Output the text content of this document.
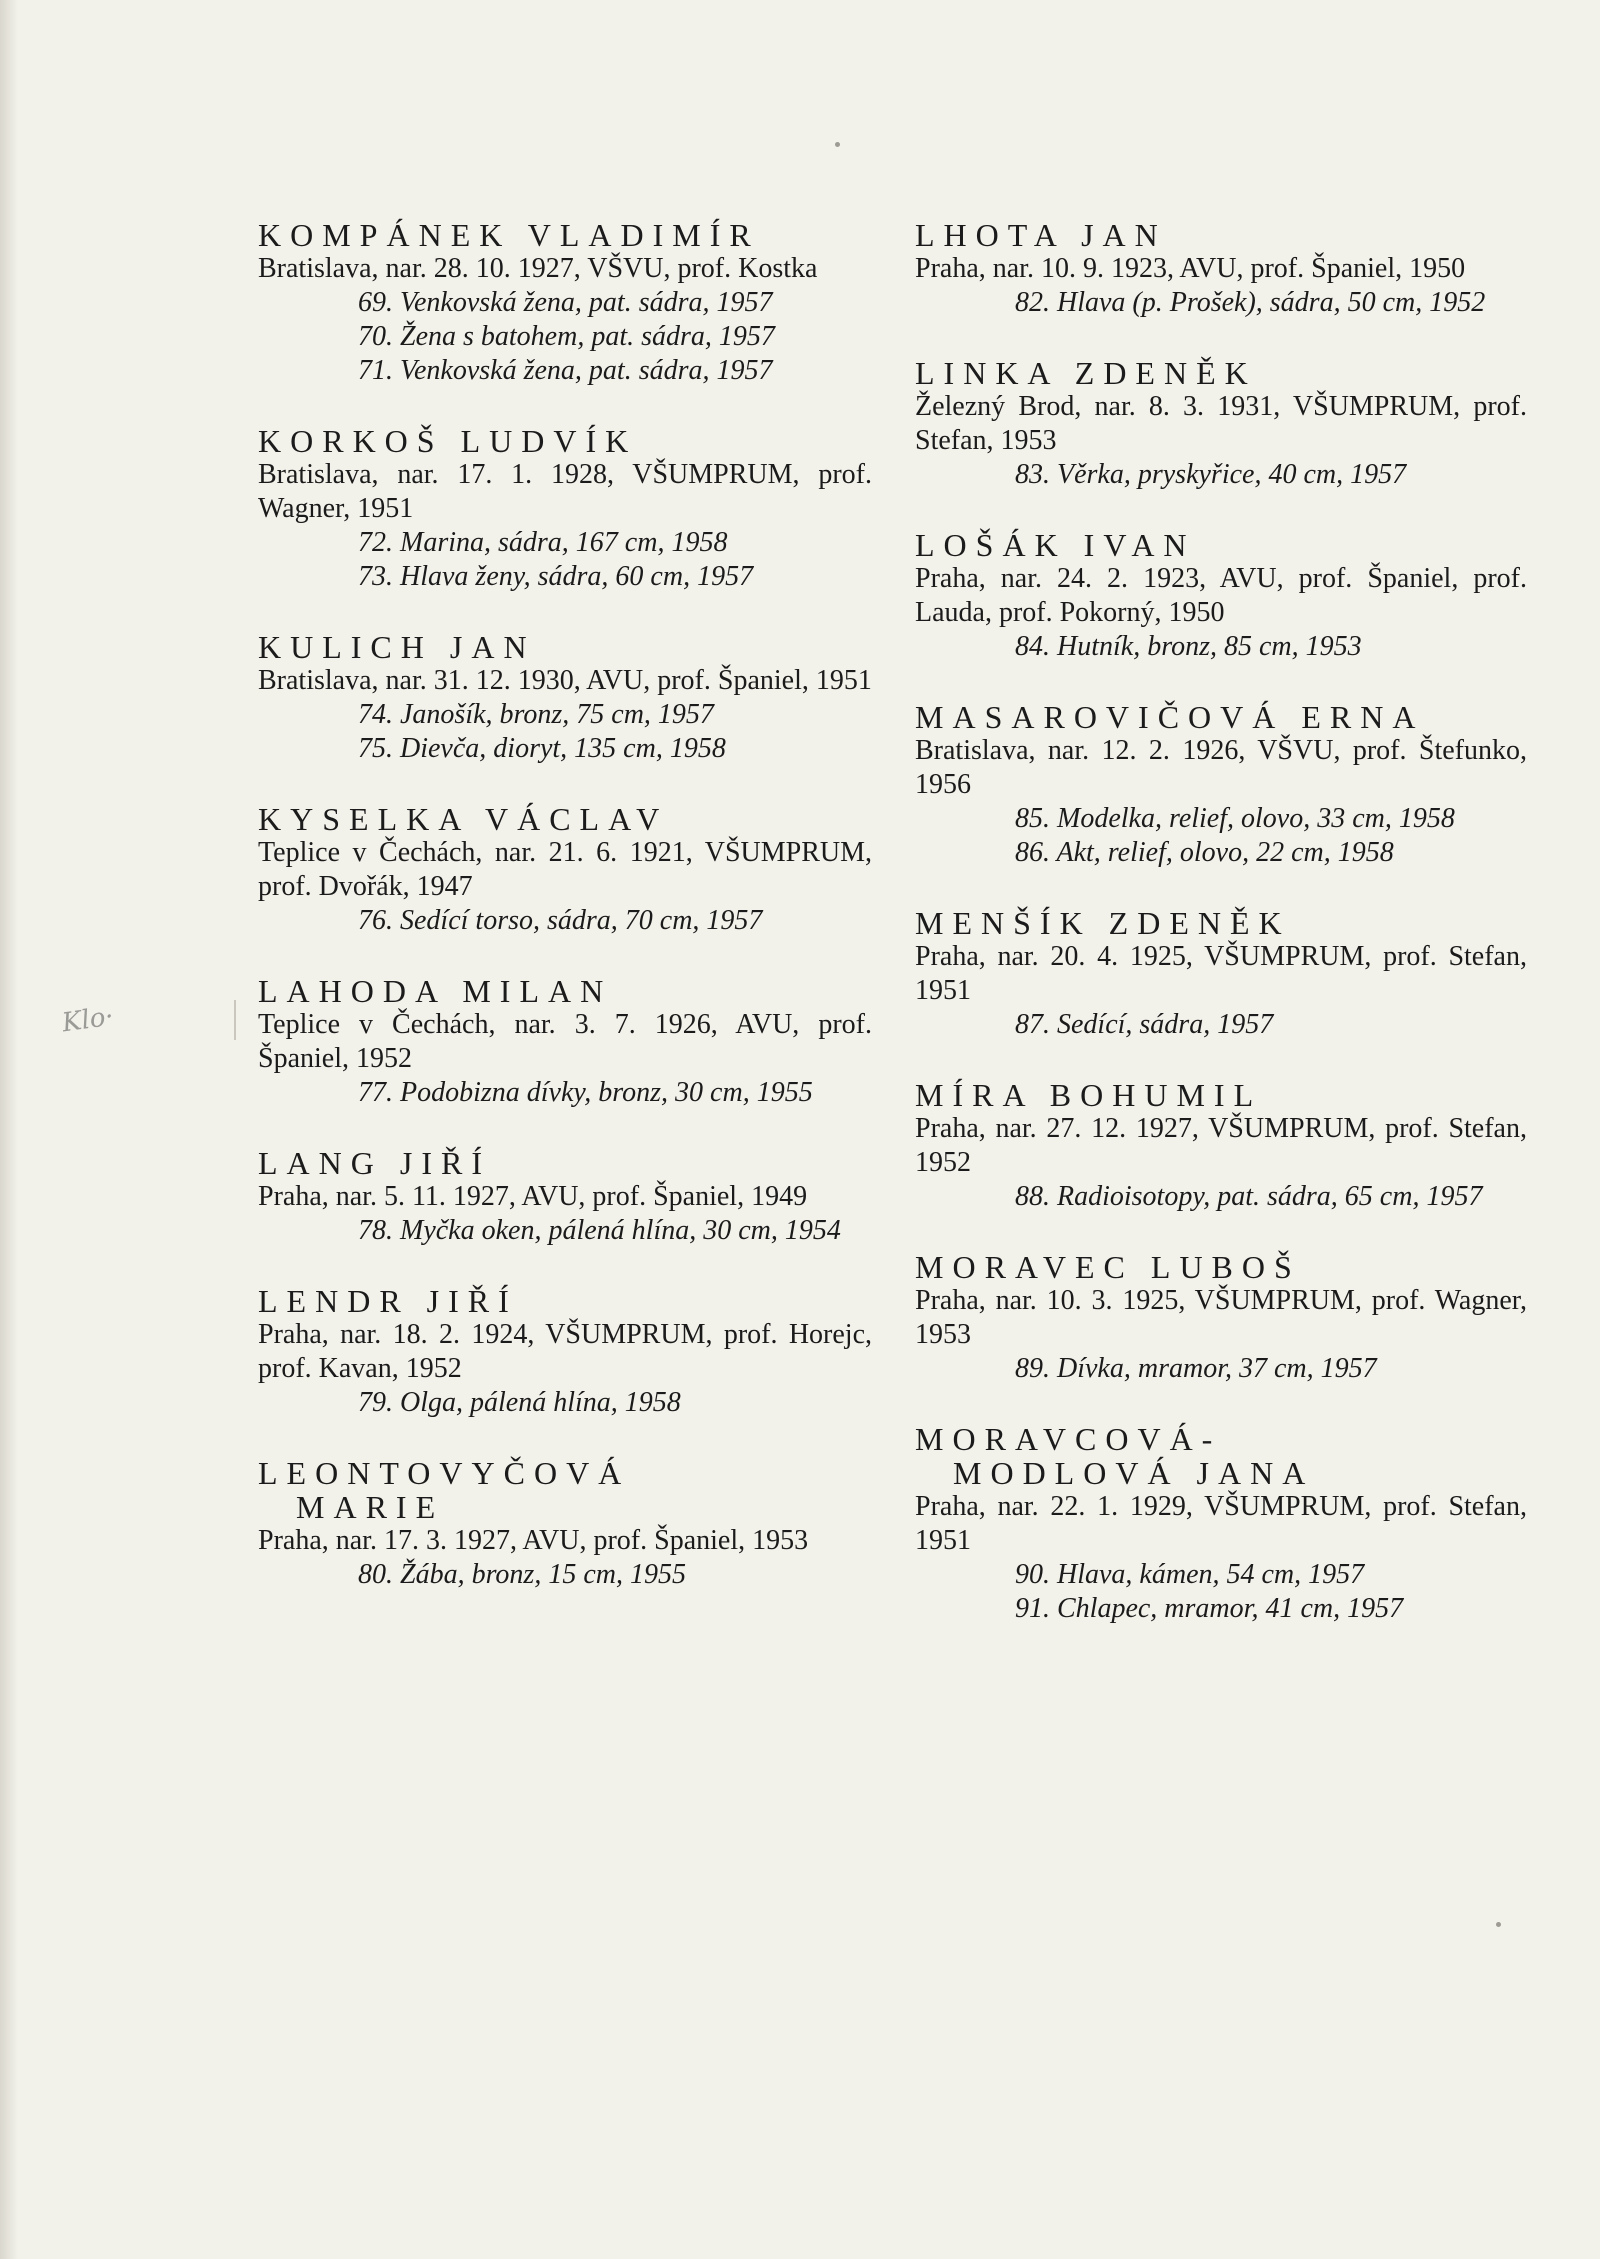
Klo·
KOMPÁNEK VLADIMÍR

Bratislava, nar. 28. 10. 1927, VŠVU, prof. Kostka

69. Venkovská žena, pat. sádra, 1957
70. Žena s batohem, pat. sádra, 1957
71. Venkovská žena, pat. sádra, 1957
KORKOŠ LUDVÍK

Bratislava, nar. 17. 1. 1928, VŠUMPRUM, prof. Wagner, 1951

72. Marina, sádra, 167 cm, 1958
73. Hlava ženy, sádra, 60 cm, 1957
KULICH JAN

Bratislava, nar. 31. 12. 1930, AVU, prof. Španiel, 1951

74. Janošík, bronz, 75 cm, 1957
75. Dievča, dioryt, 135 cm, 1958
KYSELKA VÁCLAV

Teplice v Čechách, nar. 21. 6. 1921, VŠUMPRUM, prof. Dvořák, 1947

76. Sedící torso, sádra, 70 cm, 1957
LAHODA MILAN

Teplice v Čechách, nar. 3. 7. 1926, AVU, prof. Španiel, 1952

77. Podobizna dívky, bronz, 30 cm, 1955
LANG JIŘÍ

Praha, nar. 5. 11. 1927, AVU, prof. Španiel, 1949

78. Myčka oken, pálená hlína, 30 cm, 1954
LENDR JIŘÍ

Praha, nar. 18. 2. 1924, VŠUMPRUM, prof. Horejc, prof. Kavan, 1952

79. Olga, pálená hlína, 1958
LEONTOVYČOVÁ
MARIE

Praha, nar. 17. 3. 1927, AVU, prof. Španiel, 1953

80. Žába, bronz, 15 cm, 1955
LHOTA JAN

Praha, nar. 10. 9. 1923, AVU, prof. Španiel, 1950

82. Hlava (p. Prošek), sádra, 50 cm, 1952
LINKA ZDENĚK

Železný Brod, nar. 8. 3. 1931, VŠUMPRUM, prof. Stefan, 1953

83. Věrka, pryskyřice, 40 cm, 1957
LOŠÁK IVAN

Praha, nar. 24. 2. 1923, AVU, prof. Španiel, prof. Lauda, prof. Pokorný, 1950

84. Hutník, bronz, 85 cm, 1953
MASAROVIČOVÁ ERNA

Bratislava, nar. 12. 2. 1926, VŠVU, prof. Štefunko, 1956

85. Modelka, relief, olovo, 33 cm, 1958
86. Akt, relief, olovo, 22 cm, 1958
MENŠÍK ZDENĚK

Praha, nar. 20. 4. 1925, VŠUMPRUM, prof. Stefan, 1951

87. Sedící, sádra, 1957
MÍRA BOHUMIL

Praha, nar. 27. 12. 1927, VŠUMPRUM, prof. Stefan, 1952

88. Radioisotopy, pat. sádra, 65 cm, 1957
MORAVEC LUBOŠ

Praha, nar. 10. 3. 1925, VŠUMPRUM, prof. Wagner, 1953

89. Dívka, mramor, 37 cm, 1957
MORAVCOVÁ-
MODLOVÁ JANA

Praha, nar. 22. 1. 1929, VŠUMPRUM, prof. Stefan, 1951

90. Hlava, kámen, 54 cm, 1957
91. Chlapec, mramor, 41 cm, 1957
